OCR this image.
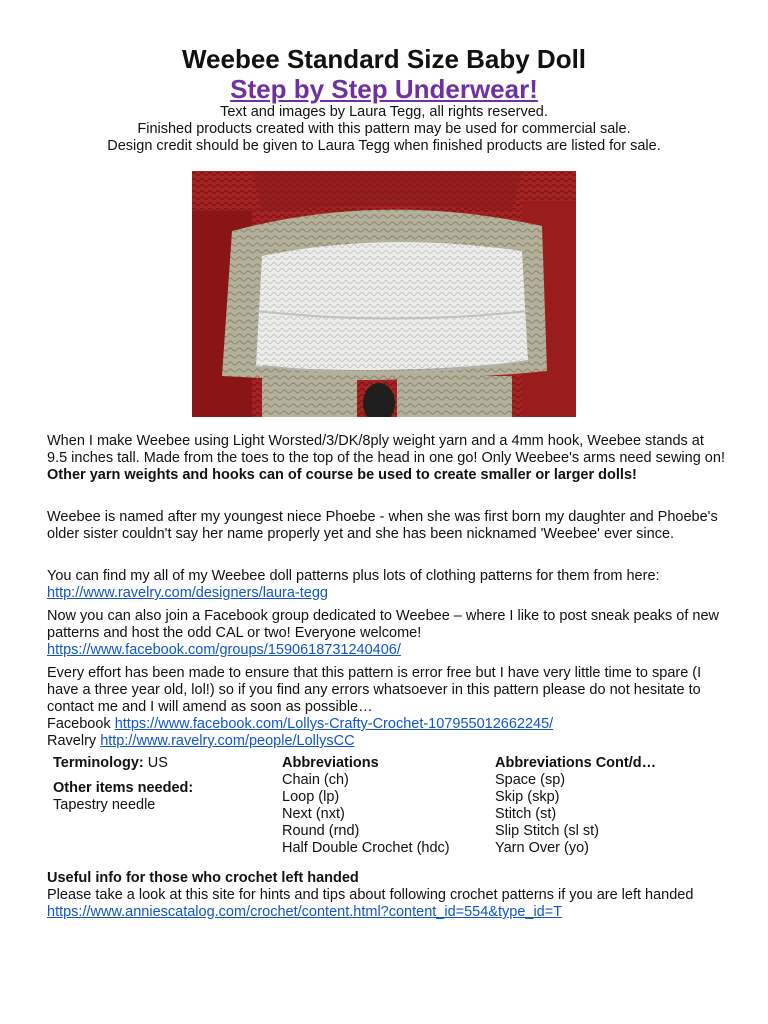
Weebee Standard Size Baby Doll
Step by Step Underwear!
Text and images by Laura Tegg, all rights reserved.
Finished products created with this pattern may be used for commercial sale.
Design credit should be given to Laura Tegg when finished products are listed for sale.
When I make Weebee using Light Worsted/3/DK/8ply weight yarn and a 4mm hook, Weebee stands at 9.5 inches tall. Made from the toes to the top of the head in one go! Only Weebee's arms need sewing on! Other yarn weights and hooks can of course be used to create smaller or larger dolls!

Weebee is named after my youngest niece Phoebe - when she was first born my daughter and Phoebe's older sister couldn't say her name properly yet and she has been nicknamed 'Weebee' ever since.

You can find my all of my Weebee doll patterns plus lots of clothing patterns for them from here:

http://www.ravelry.com/designers/laura-tegg

Now you can also join a Facebook group dedicated to Weebee – where I like to post sneak peaks of new patterns and host the odd CAL or two! Everyone welcome!

https://www.facebook.com/groups/1590618731240406/

Every effort has been made to ensure that this pattern is error free but I have very little time to spare (I have a three year old, lol!) so if you find any errors whatsoever in this pattern please do not hesitate to contact me and I will amend as soon as possible…

Facebook https://www.facebook.com/Lollys-Crafty-Crochet-107955012662245/
Ravelry http://www.ravelry.com/people/LollysCC
Terminology: US
Other items needed:
Tapestry needle
Abbreviations
Chain (ch)
Loop (lp)
Next (nxt)
Round (rnd)
Half Double Crochet (hdc)
Abbreviations Cont/d…
Space (sp)
Skip (skp)
Stitch (st)
Slip Stitch (sl st)
Yarn Over (yo)
Useful info for those who crochet left handed
Please take a look at this site for hints and tips about following crochet patterns if you are left handed https://www.anniescatalog.com/crochet/content.html?content_id=554&type_id=T
